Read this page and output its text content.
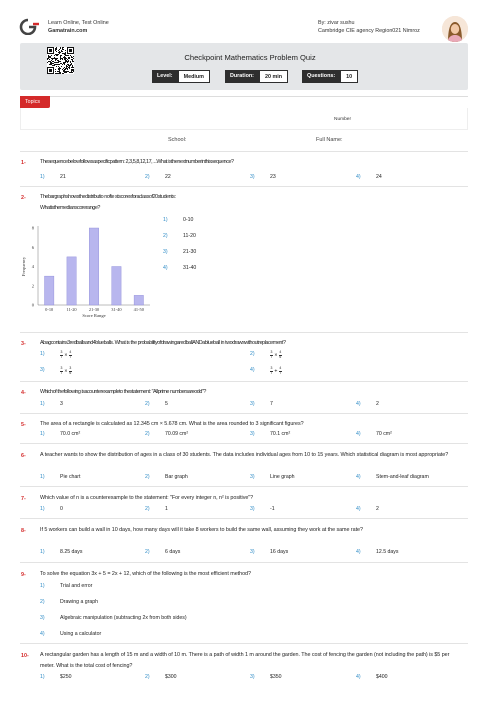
Learn Online, Test Online
Gamatrain.com
By: zivar sushu
Cambridge CIE agency Region021 Nimroz
Checkpoint Mathematics Problem Quiz
Level:	Medium	Duration:	20 min	Questions:	10
Topics
Number
School:	Full Name:
1-	Thesequencebelowfollowsaspecificpattern: 2,3,5,8,12,17, ...What isthenextnumberinthissequence?
1)	21	2)	22	3)	23	4)	24
2-	Thebargraphshowsthedistributio nofte stscoresforaclassof20students:
Whatisthemedianscorerange?
0
2
4
6
8
0-10	11-20	21-30	31-40	41-50
Score Range
Frequency
1)	0-10
2)	11-20
3)	21-30
4)	31-40
3-	Abagcontains3redballsand4blueballs. What is the probabilityofdrawingaredballANDablueball in twodrawswithoutreplacement?
1)	$\frac{3}{7} \times \frac{4}{7}$	2)	$\frac{3}{7} \times \frac{4}{6}$
3)	$\frac{3}{7} \times \frac{3}{6}$	4)	$\frac{3}{7} + \frac{4}{7}$
4-	Whichof thefollowing isacounterexampleto thestatement: "Allprime numbersareodd"?
1)	3	2)	5	3)	7	4)	2
5-	The area of a rectangle is calculated as 12.345 cm × 5.678 cm. What is the area rounded to 3 significant figures?
1)	70.0 cm²	2)	70.09 cm²	3)	70.1 cm²	4)	70 cm²
6-	A teacher wants to show the distribution of ages in a class of 30 students. The data includes individual ages from 10 to 15 years. Which statistical diagram is most appropriate?
1)	Pie chart	2)	Bar graph	3)	Line graph	4)	Stem-and-leaf diagram
7-	Which value of n is a counterexample to the statement: "For every integer n, n² is positive"?
1)	0	2)	1	3)	-1	4)	2
8-	If 5 workers can build a wall in 10 days, how many days will it take 8 workers to build the same wall, assuming they work at the same rate?
1)	8.25 days	2)	6 days	3)	16 days	4)	12.5 days
9-	To solve the equation 3x + 5 = 2x + 12, which of the following is the most efficient method?
1)	Trial and error
2)	Drawing a graph
3)	Algebraic manipulation (subtracting 2x from both sides)
4)	Using a calculator
10- A rectangular garden has a length of 15 m and a width of 10 m. There is a path of width 1 m around the garden. The cost of fencing the garden (not including the path) is $5 per meter. What is the total cost of fencing?
1)	$250	2)	$300	3)	$350	4)	$400
